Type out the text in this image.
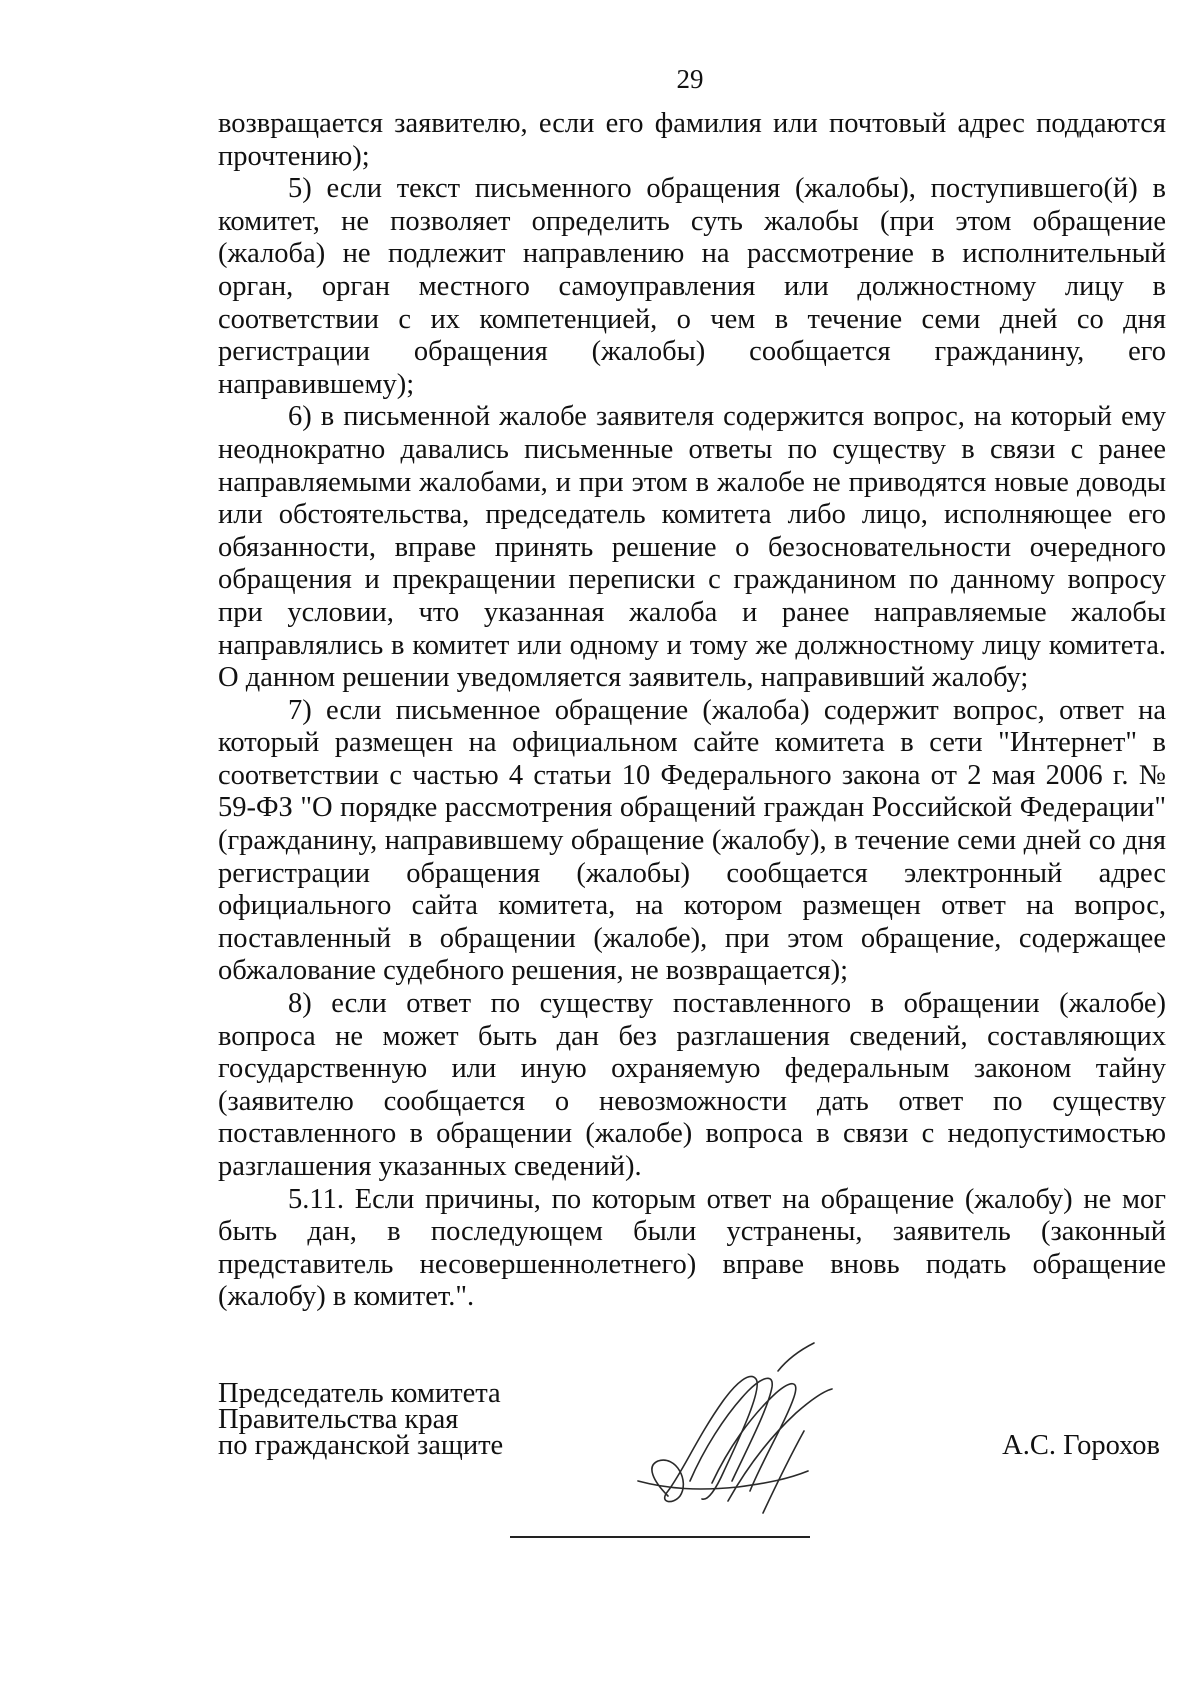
29

возвращается заявителю, если его фамилия или почтовый адрес поддаются прочтению);

5) если текст письменного обращения (жалобы), поступившего(й) в комитет, не позволяет определить суть жалобы (при этом обращение (жалоба) не подлежит направлению на рассмотрение в исполнительный орган, орган местного самоуправления или должностному лицу в соответствии с их компетенцией, о чем в течение семи дней со дня регистрации обращения (жалобы) сообщается гражданину, его направившему);

6) в письменной жалобе заявителя содержится вопрос, на который ему неоднократно давались письменные ответы по существу в связи с ранее направляемыми жалобами, и при этом в жалобе не приводятся новые доводы или обстоятельства, председатель комитета либо лицо, исполняющее его обязанности, вправе принять решение о безосновательности очередного обращения и прекращении переписки с гражданином по данному вопросу при условии, что указанная жалоба и ранее направляемые жалобы направлялись в комитет или одному и тому же должностному лицу комитета. О данном решении уведомляется заявитель, направивший жалобу;

7) если письменное обращение (жалоба) содержит вопрос, ответ на который размещен на официальном сайте комитета в сети "Интернет" в соответствии с частью 4 статьи 10 Федерального закона от 2 мая 2006 г. № 59-ФЗ "О порядке рассмотрения обращений граждан Российской Федерации" (гражданину, направившему обращение (жалобу), в течение семи дней со дня регистрации обращения (жалобы) сообщается электронный адрес официального сайта комитета, на котором размещен ответ на вопрос, поставленный в обращении (жалобе), при этом обращение, содержащее обжалование судебного решения, не возвращается);

8) если ответ по существу поставленного в обращении (жалобе) вопроса не может быть дан без разглашения сведений, составляющих государственную или иную охраняемую федеральным законом тайну (заявителю сообщается о невозможности дать ответ по существу поставленного в обращении (жалобе) вопроса в связи с недопустимостью разглашения указанных сведений).

5.11. Если причины, по которым ответ на обращение (жалобу) не мог быть дан, в последующем были устранены, заявитель (законный представитель несовершеннолетнего) вправе вновь подать обращение (жалобу) в комитет.".

Председатель комитета
Правительства края
по гражданской защите	А.С. Горохов
